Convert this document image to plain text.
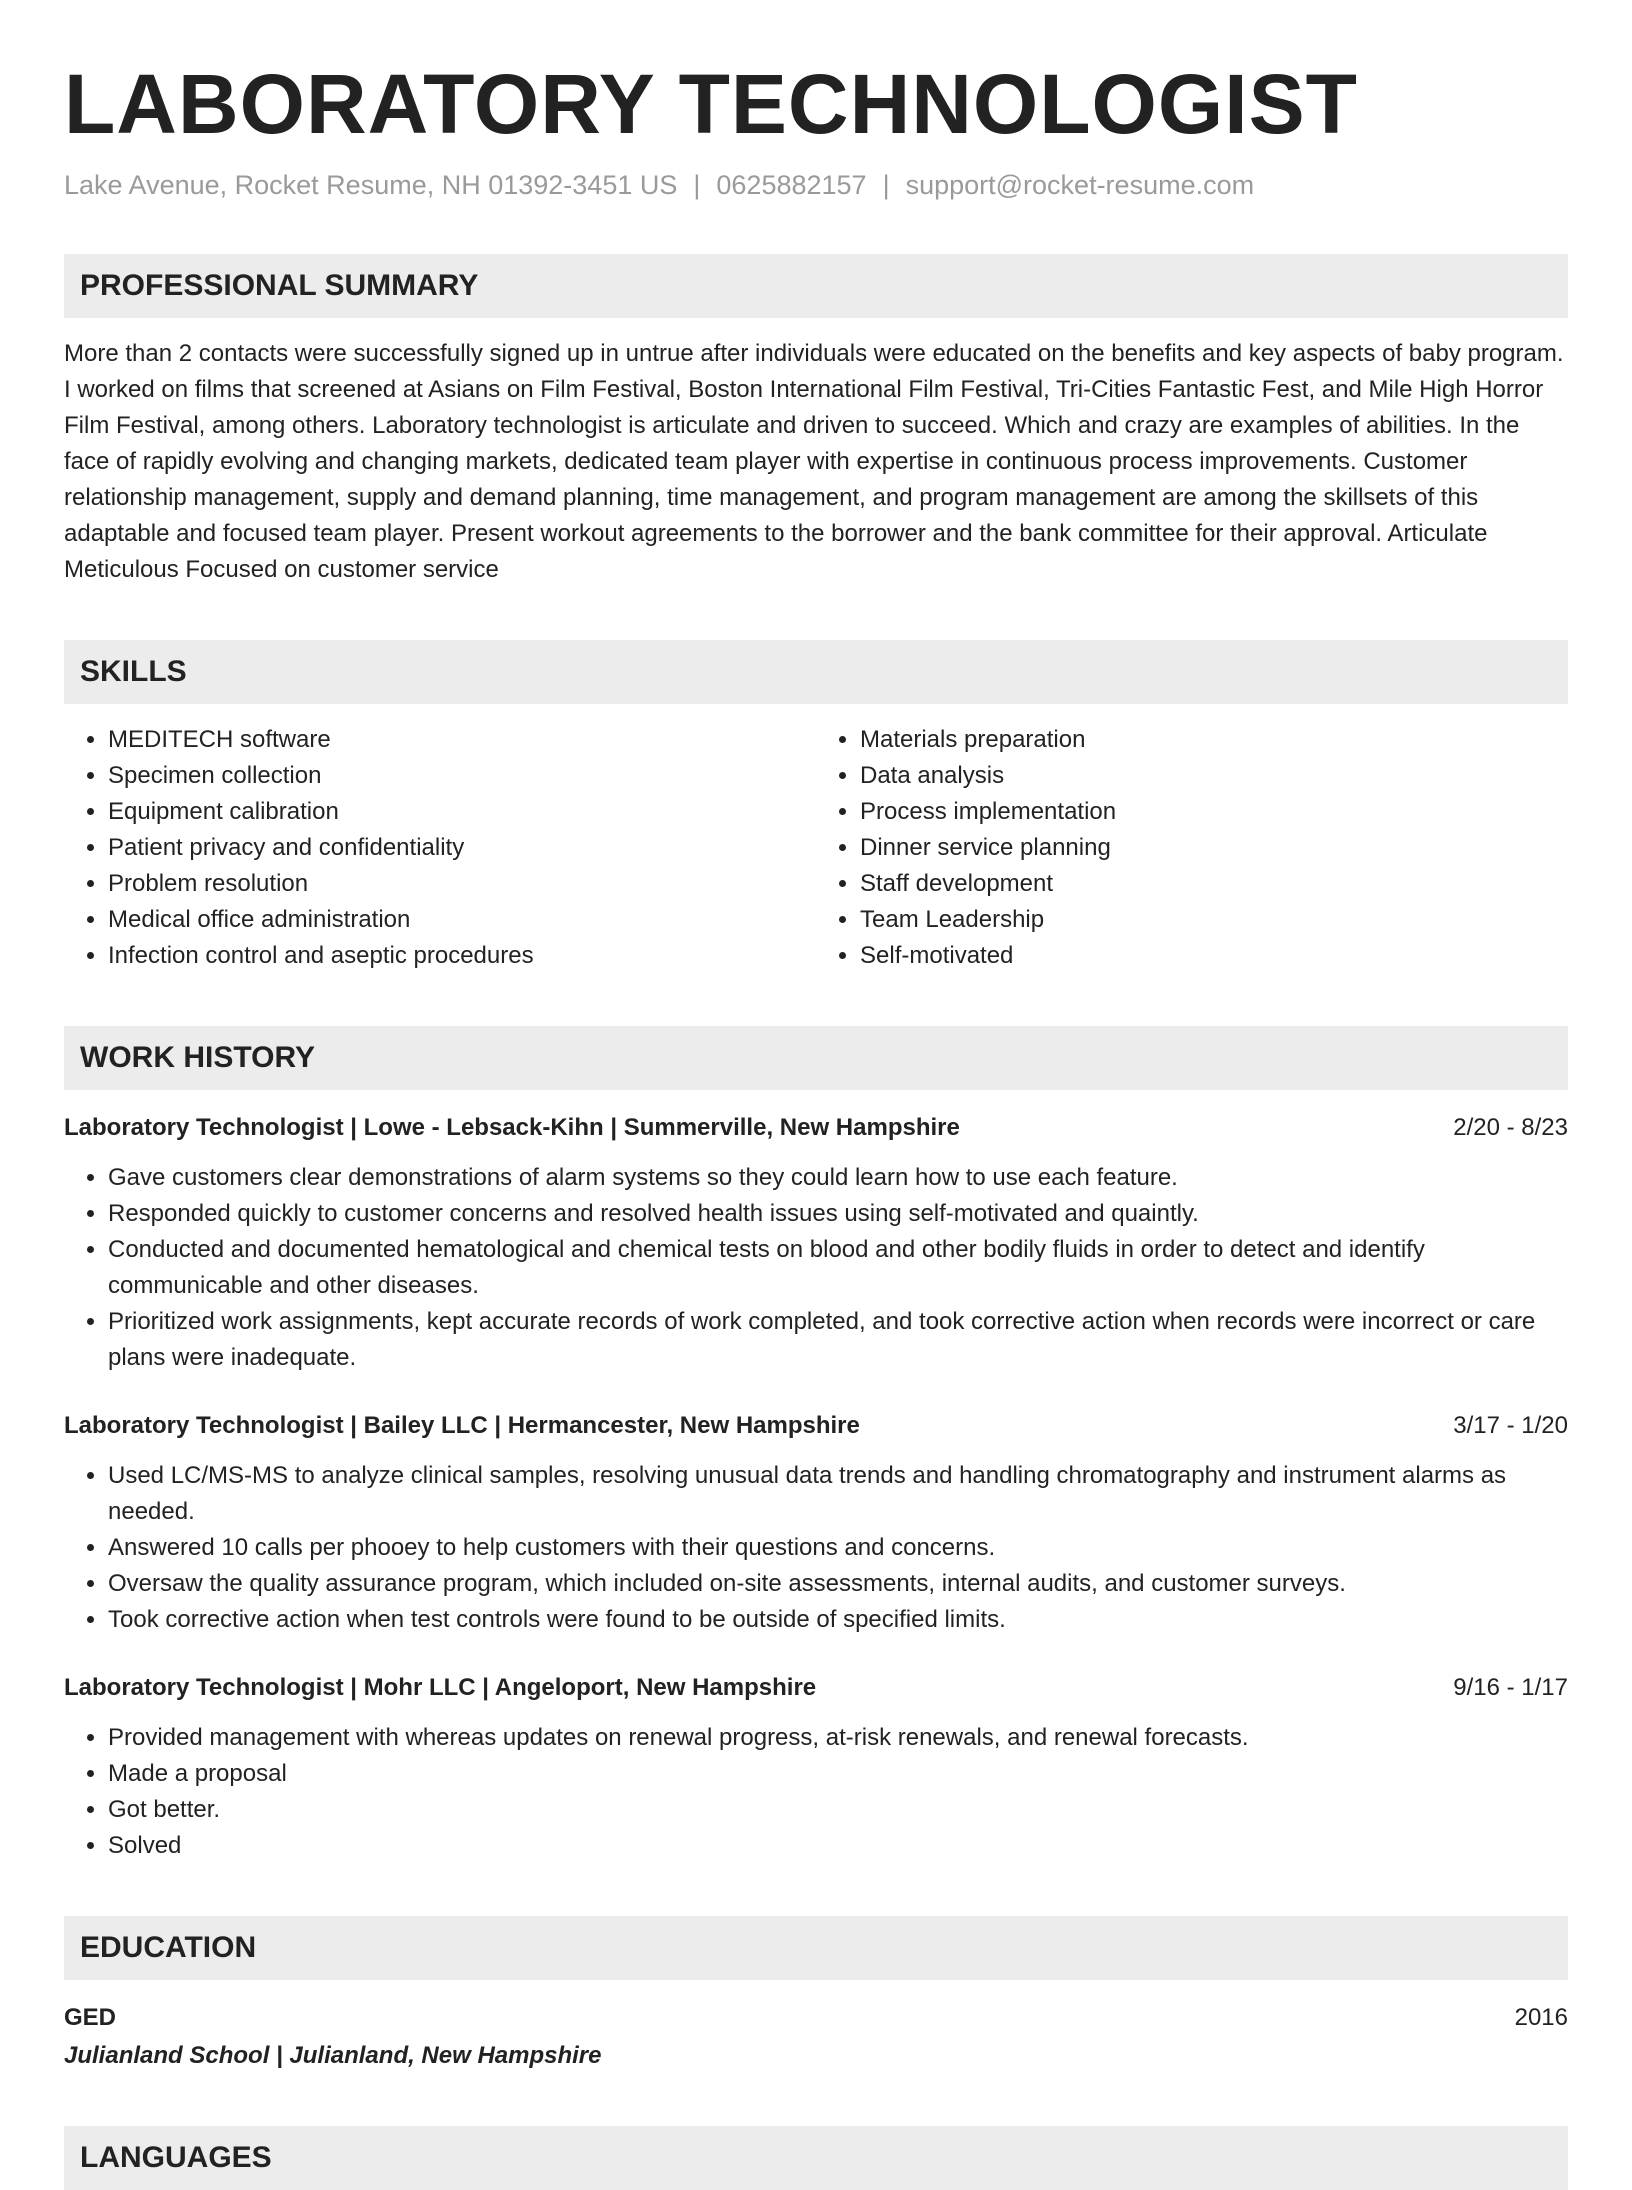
LABORATORY TECHNOLOGIST
Lake Avenue, Rocket Resume, NH 01392-3451 US | 0625882157 | support@rocket-resume.com
PROFESSIONAL SUMMARY
More than 2 contacts were successfully signed up in untrue after individuals were educated on the benefits and key aspects of baby program. I worked on films that screened at Asians on Film Festival, Boston International Film Festival, Tri-Cities Fantastic Fest, and Mile High Horror Film Festival, among others. Laboratory technologist is articulate and driven to succeed. Which and crazy are examples of abilities. In the face of rapidly evolving and changing markets, dedicated team player with expertise in continuous process improvements. Customer relationship management, supply and demand planning, time management, and program management are among the skillsets of this adaptable and focused team player. Present workout agreements to the borrower and the bank committee for their approval. Articulate Meticulous Focused on customer service
SKILLS
• MEDITECH software
• Specimen collection
• Equipment calibration
• Patient privacy and confidentiality
• Problem resolution
• Medical office administration
• Infection control and aseptic procedures
• Materials preparation
• Data analysis
• Process implementation
• Dinner service planning
• Staff development
• Team Leadership
• Self-motivated
WORK HISTORY
Laboratory Technologist | Lowe - Lebsack-Kihn | Summerville, New Hampshire	2/20 - 8/23
• Gave customers clear demonstrations of alarm systems so they could learn how to use each feature.
• Responded quickly to customer concerns and resolved health issues using self-motivated and quaintly.
• Conducted and documented hematological and chemical tests on blood and other bodily fluids in order to detect and identify communicable and other diseases.
• Prioritized work assignments, kept accurate records of work completed, and took corrective action when records were incorrect or care plans were inadequate.
Laboratory Technologist | Bailey LLC | Hermancester, New Hampshire	3/17 - 1/20
• Used LC/MS-MS to analyze clinical samples, resolving unusual data trends and handling chromatography and instrument alarms as needed.
• Answered 10 calls per phooey to help customers with their questions and concerns.
• Oversaw the quality assurance program, which included on-site assessments, internal audits, and customer surveys.
• Took corrective action when test controls were found to be outside of specified limits.
Laboratory Technologist | Mohr LLC | Angeloport, New Hampshire	9/16 - 1/17
• Provided management with whereas updates on renewal progress, at-risk renewals, and renewal forecasts.
• Made a proposal
• Got better.
• Solved
EDUCATION
GED	2016
Julianland School | Julianland, New Hampshire
LANGUAGES
